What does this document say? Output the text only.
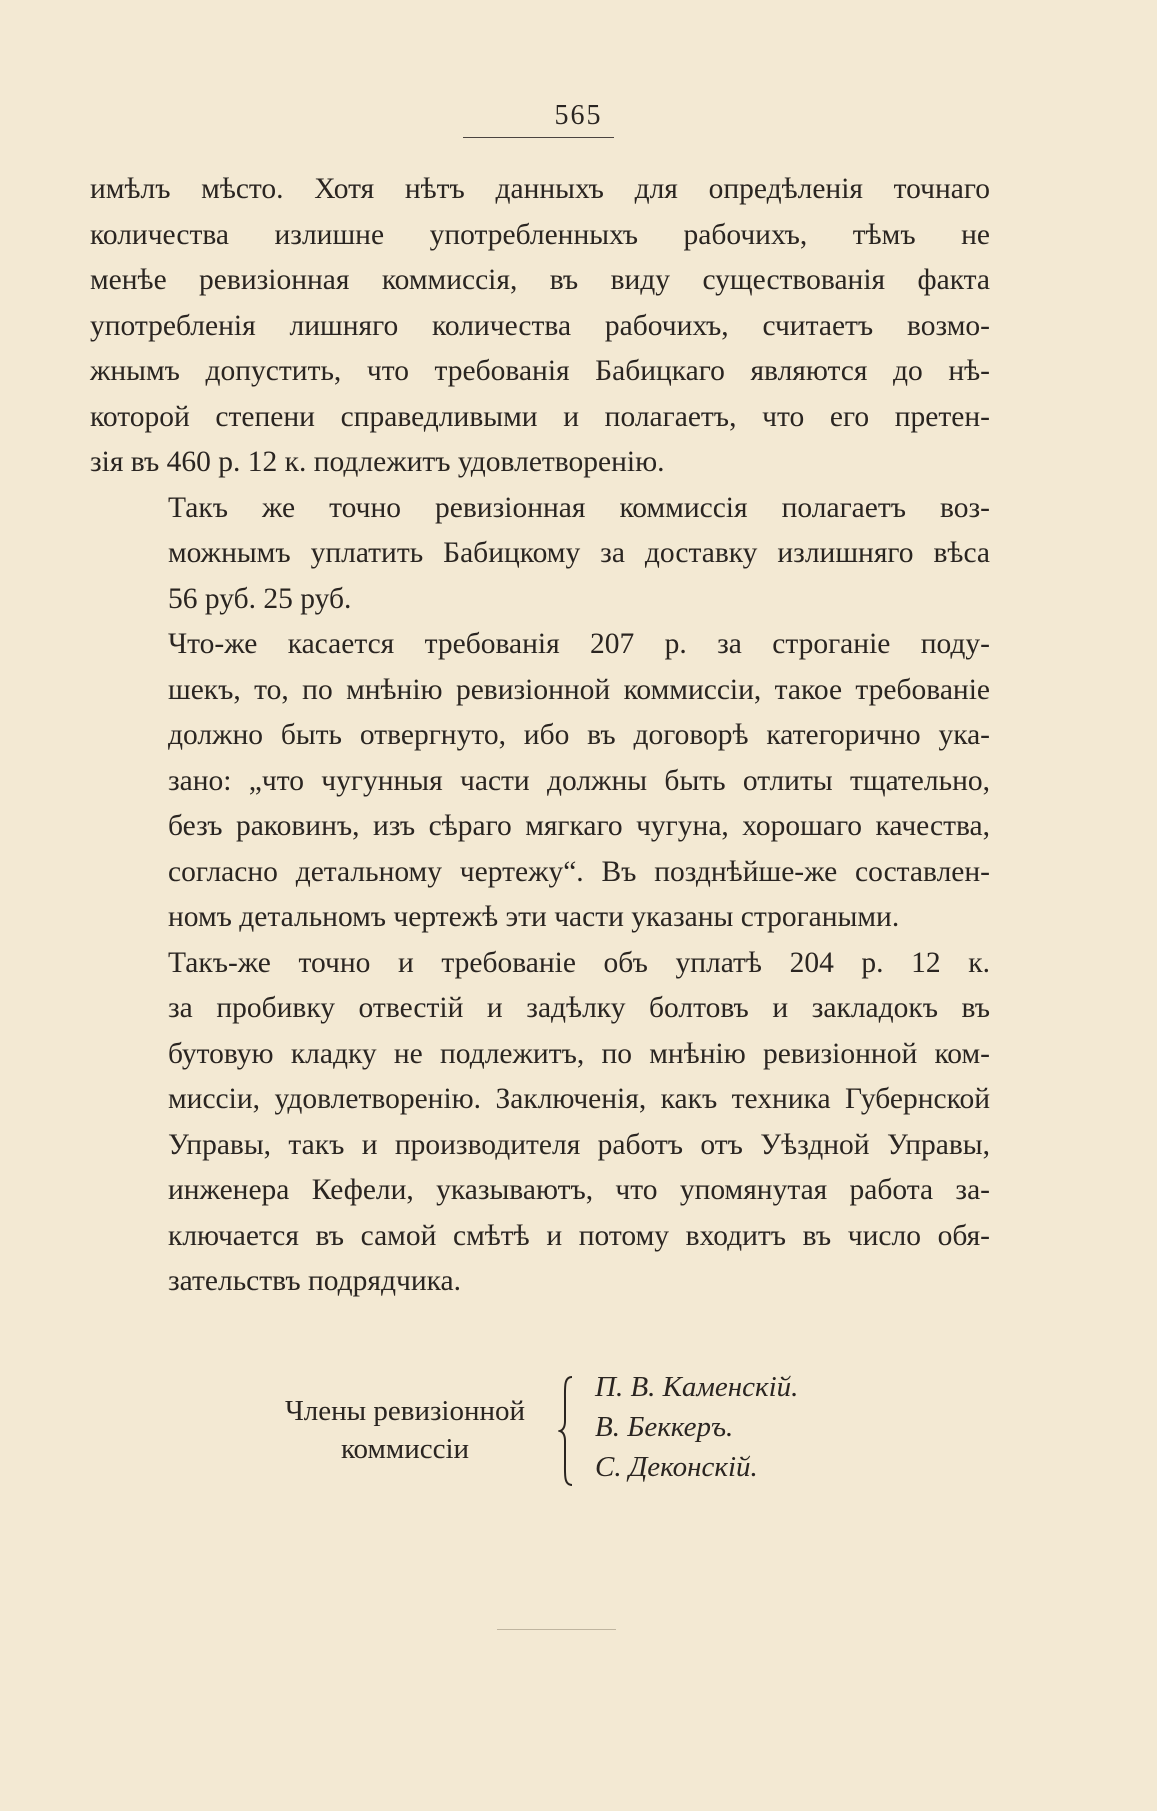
565

имѣлъ мѣсто. Хотя нѣтъ данныхъ для опредѣленія точнаго
количества излишне употребленныхъ рабочихъ, тѣмъ не
менѣе ревизіонная коммиссія, въ виду существованія факта
употребленія лишняго количества рабочихъ, считаетъ возмо-
жнымъ допустить, что требованія Бабицкаго являются до нѣ-
которой степени справедливыми и полагаетъ, что его претен-
зія въ 460 р. 12 к. подлежитъ удовлетворенію.

Такъ же точно ревизіонная коммиссія полагаетъ воз-
можнымъ уплатить Бабицкому за доставку излишняго вѣса
56 руб. 25 руб.

Что-же касается требованія 207 р. за строганіе поду-
шекъ, то, по мнѣнію ревизіонной коммиссіи, такое требованіе
должно быть отвергнуто, ибо въ договорѣ категорично ука-
зано: „что чугунныя части должны быть отлиты тщательно,
безъ раковинъ, изъ сѣраго мягкаго чугуна, хорошаго качества,
согласно детальному чертежу“. Въ позднѣйше-же составлен-
номъ детальномъ чертежѣ эти части указаны строгаными.

Такъ-же точно и требованіе объ уплатѣ 204 р. 12 к.
за пробивку отвестій и задѣлку болтовъ и закладокъ въ
бутовую кладку не подлежитъ, по мнѣнію ревизіонной ком-
миссіи, удовлетворенію. Заключенія, какъ техника Губернской
Управы, такъ и производителя работъ отъ Уѣздной Управы,
инженера Кефели, указываютъ, что упомянутая работа за-
ключается въ самой смѣтѣ и потому входитъ въ число обя-
зательствъ подрядчика.

Члены ревизіонной
коммиссіи
П. В. Каменскій.
В. Беккеръ.
С. Деконскій.
